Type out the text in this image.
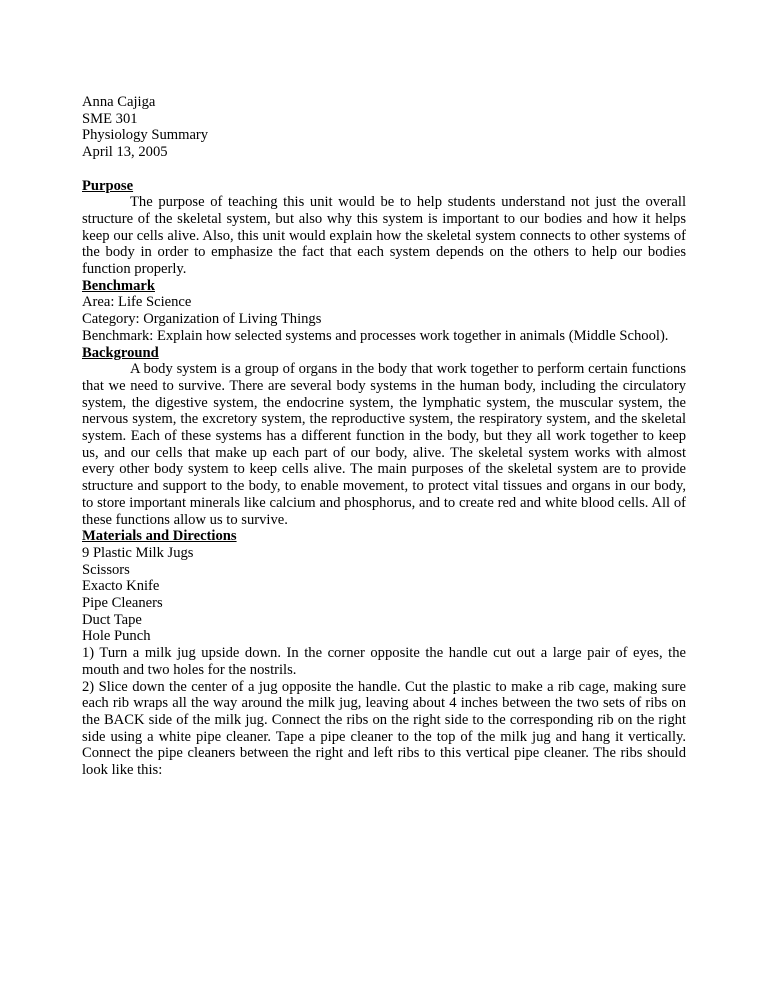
Anna Cajiga
SME 301
Physiology Summary
April 13, 2005
Purpose

The purpose of teaching this unit would be to help students understand not just the overall structure of the skeletal system, but also why this system is important to our bodies and how it helps keep our cells alive. Also, this unit would explain how the skeletal system connects to other systems of the body in order to emphasize the fact that each system depends on the others to help our bodies function properly.

Benchmark
Area: Life Science
Category: Organization of Living Things

Benchmark: Explain how selected systems and processes work together in animals (Middle School).

Background

A body system is a group of organs in the body that work together to perform certain functions that we need to survive. There are several body systems in the human body, including the circulatory system, the digestive system, the endocrine system, the lymphatic system, the muscular system, the nervous system, the excretory system, the reproductive system, the respiratory system, and the skeletal system. Each of these systems has a different function in the body, but they all work together to keep us, and our cells that make up each part of our body, alive. The skeletal system works with almost every other body system to keep cells alive. The main purposes of the skeletal system are to provide structure and support to the body, to enable movement, to protect vital tissues and organs in our body, to store important minerals like calcium and phosphorus, and to create red and white blood cells. All of these functions allow us to survive.

Materials and Directions
9 Plastic Milk Jugs
Scissors
Exacto Knife
Pipe Cleaners
Duct Tape
Hole Punch

1) Turn a milk jug upside down. In the corner opposite the handle cut out a large pair of eyes, the mouth and two holes for the nostrils.

2) Slice down the center of a jug opposite the handle. Cut the plastic to make a rib cage, making sure each rib wraps all the way around the milk jug, leaving about 4 inches between the two sets of ribs on the BACK side of the milk jug. Connect the ribs on the right side to the corresponding rib on the right side using a white pipe cleaner. Tape a pipe cleaner to the top of the milk jug and hang it vertically. Connect the pipe cleaners between the right and left ribs to this vertical pipe cleaner. The ribs should look like this:
